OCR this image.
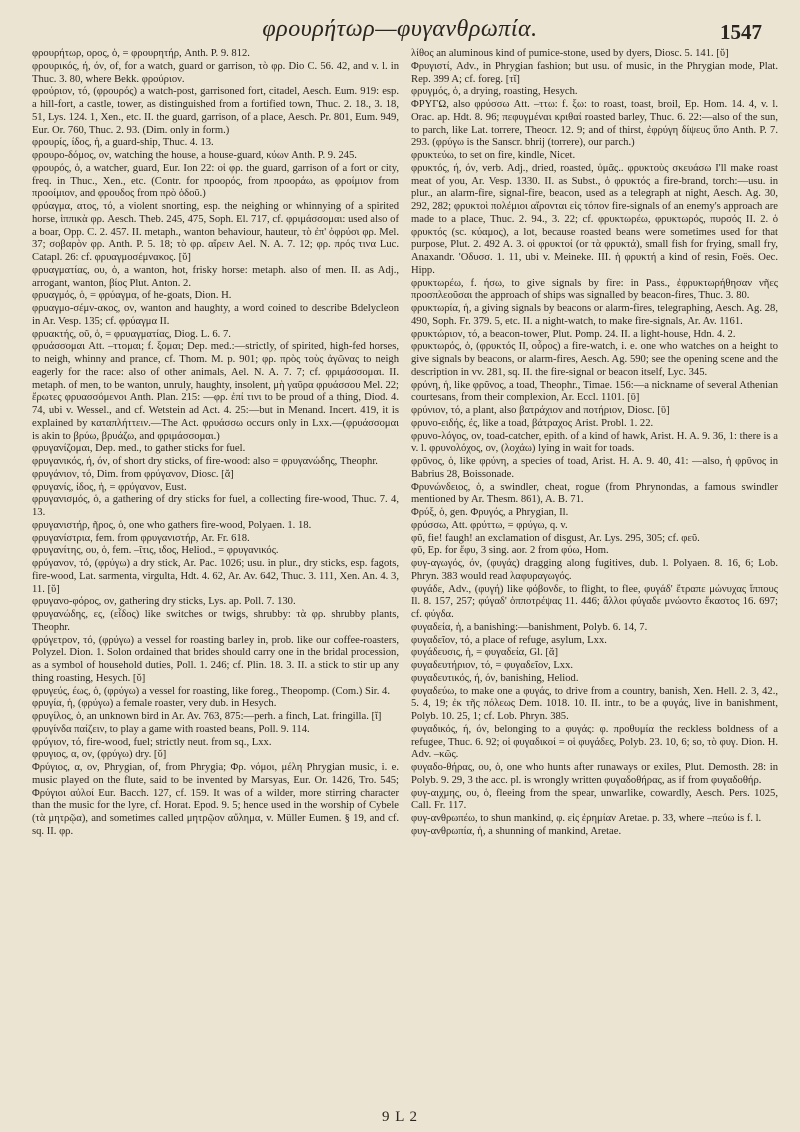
φρουρήτωρ—φυγανθρωπία.	1547

φρουρήτωρ, ορος, ὁ, = φρουρητήρ, Anth. P. 9. 812.

φρουρικός, ή, όν, of, for a watch, guard or garrison, τὸ φρ. Dio C. 56. 42, and v. l. in Thuc. 3. 80, where Bekk. φρούριον.

φρούριον, τό, (φρουρός) a watch-post, garrisoned fort, citadel, Aesch. Eum. 919: esp. a hill-fort, a castle, tower, as distinguished from a fortified town, Thuc. 2. 18., 3. 18, 51, Lys. 124. 1, Xen., etc. II. the guard, garrison, of a place, Aesch. Pr. 801, Eum. 949, Eur. Or. 760, Thuc. 2. 93. (Dim. only in form.)

φρουρίς, ίδος, ἡ, a guard-ship, Thuc. 4. 13.

φρουρο-δόμος, ον, watching the house, a house-guard, κύων Anth. P. 9. 245.

φρουρός, ὁ, a watcher, guard, Eur. Ion 22: οἱ φρ. the guard, garrison of a fort or city, freq. in Thuc., Xen., etc. (Contr. for προορός, from προοράω, as φροίμιον from προοίμιον, and φρουδος from πρὸ ὁδοῦ.)

φρύαγμα, ατος, τό, a violent snorting, esp. the neighing or whinnying of a spirited horse, ἱππικὰ φρ. Aesch. Theb. 245, 475, Soph. El. 717, cf. φριμάσσομαι: used also of a boar, Opp. C. 2. 457. II. metaph., wanton behaviour, hauteur, τὸ ἐπ' ὀφρύσι φρ. Mel. 37; σοβαρὸν φρ. Anth. P. 5. 18; τὸ φρ. αἴρειν Ael. N. A. 7. 12; φρ. πρός τινα Luc. Catapl. 26: cf. φρυαγμοσέμνακος. [ῠ]

φρυαγματίας, ου, ὁ, a wanton, hot, frisky horse: metaph. also of men. II. as Adj., arrogant, wanton, βίος Plut. Anton. 2.

φρυαγμός, ὁ, = φρύαγμα, of he-goats, Dion. H.

φρυαγμο-σέμν-ακος, ον, wanton and haughty, a word coined to describe Bdelycleon in Ar. Vesp. 135; cf. φρύαγμα II.

φρυακτής, οῦ, ὁ, = φρυαγματίας, Diog. L. 6. 7.

φρυάσσομαι Att. –ττομαι; f. ξομαι; Dep. med.:—strictly, of spirited, high-fed horses, to neigh, whinny and prance, cf. Thom. M. p. 901; φρ. πρὸς τοὺς ἀγῶνας to neigh eagerly for the race: also of other animals, Ael. N. A. 7. 7; cf. φριμάσσομαι. II. metaph. of men, to be wanton, unruly, haughty, insolent, μὴ γαῦρα φρυάσσου Mel. 22; ἔρωτες φρυασσόμενοι Anth. Plan. 215: —φρ. ἐπί τινι to be proud of a thing, Diod. 4. 74, ubi v. Wessel., and cf. Wetstein ad Act. 4. 25:—but in Menand. Incert. 419, it is explained by καταπλήττειν.—The Act. φρυάσσω occurs only in Lxx.—(φρυάσσομαι is akin to βρύω, βρυάζω, and φριμάσσομαι.)

φρυγανίζομαι, Dep. med., to gather sticks for fuel.

φρυγανικός, ή, όν, of short dry sticks, of fire-wood: also = φρυγανώδης, Theophr.

φρυγάνιον, τό, Dim. from φρύγανον, Diosc. [ᾰ]

φρυγανίς, ίδος, ἡ, = φρύγανον, Eust.

φρυγανισμός, ὁ, a gathering of dry sticks for fuel, a collecting fire-wood, Thuc. 7. 4, 13.

φρυγανιστήρ, ῆρος, ὁ, one who gathers fire-wood, Polyaen. 1. 18.

φρυγανίστρια, fem. from φρυγανιστήρ, Ar. Fr. 618.

φρυγανίτης, ου, ὁ, fem. –ῖτις, ιδος, Heliod., = φρυγανικός.

φρύγανον, τό, (φρύγω) a dry stick, Ar. Pac. 1026; usu. in plur., dry sticks, esp. fagots, fire-wood, Lat. sarmenta, virgulta, Hdt. 4. 62, Ar. Av. 642, Thuc. 3. 111, Xen. An. 4. 3, 11. [ῠ]

φρυγανο-φόρος, ον, gathering dry sticks, Lys. ap. Poll. 7. 130.

φρυγανώδης, ες, (εἶδος) like switches or twigs, shrubby: τὰ φρ. shrubby plants, Theophr.

φρύγετρον, τό, (φρύγω) a vessel for roasting barley in, prob. like our coffee-roasters, Polyzel. Dion. 1. Solon ordained that brides should carry one in the bridal procession, as a symbol of household duties, Poll. 1. 246; cf. Plin. 18. 3. II. a stick to stir up any thing roasting, Hesych. [ῠ]

φρυγεύς, έως, ὁ, (φρύγω) a vessel for roasting, like foreg., Theopomp. (Com.) Sir. 4.

φρυγία, ἡ, (φρύγω) a female roaster, very dub. in Hesych.

φρυγίλος, ὁ, an unknown bird in Ar. Av. 763, 875:—perh. a finch, Lat. fringilla. [ῐ]

φρυγίνδα παίζειν, to play a game with roasted beans, Poll. 9. 114.

φρύγιον, τό, fire-wood, fuel; strictly neut. from sq., Lxx.

φρυγιος, α, ον, (φρύγω) dry. [ῠ]

Φρύγιος, α, ον, Phrygian, of, from Phrygia; Φρ. νόμοι, μέλη Phrygian music, i. e. music played on the flute, said to be invented by Marsyas, Eur. Or. 1426, Tro. 545; Φρύγιοι αὐλοί Eur. Bacch. 127, cf. 159. It was of a wilder, more stirring character than the music for the lyre, cf. Horat. Epod. 9. 5; hence used in the worship of Cybele (τὰ μητρῷα), and sometimes called μητρῷον αὔλημα, v. Müller Eumen. § 19, and cf. sq. II. φρ.

λίθος an aluminous kind of pumice-stone, used by dyers, Diosc. 5. 141. [ῠ]

Φρυγιστί, Adv., in Phrygian fashion; but usu. of music, in the Phrygian mode, Plat. Rep. 399 A; cf. foreg. [τῐ]

φρυγμός, ὁ, a drying, roasting, Hesych.

ΦΡΥΓΩ, also φρύσσω Att. –ττω: f. ξω: to roast, toast, broil, Ep. Hom. 14. 4, v. l. Orac. ap. Hdt. 8. 96; πεφυγμέναι κριθαί roasted barley, Thuc. 6. 22:—also of the sun, to parch, like Lat. torrere, Theocr. 12. 9; and of thirst, ἐφρύγη δίψευς ὕπο Anth. P. 7. 293. (φρύγω is the Sanscr. bhrij (torrere), our parch.)

φρυκτεύω, to set on fire, kindle, Nicet.

φρυκτός, ή, όν, verb. Adj., dried, roasted, ὑμᾶς.. φρυκτοὺς σκευάσω I'll make roast meat of you, Ar. Vesp. 1330. II. as Subst., ὁ φρυκτός a fire-brand, torch:—usu. in plur., an alarm-fire, signal-fire, beacon, used as a telegraph at night, Aesch. Ag. 30, 292, 282; φρυκτοὶ πολέμιοι αἴρονται εἰς τόπον fire-signals of an enemy's approach are made to a place, Thuc. 2. 94., 3. 22; cf. φρυκτωρέω, φρυκτωρός, πυρσός II. 2. ὁ φρυκτός (sc. κύαμος), a lot, because roasted beans were sometimes used for that purpose, Plut. 2. 492 A. 3. οἱ φρυκτοί (or τὰ φρυκτά), small fish for frying, small fry, Anaxandr. 'Οδυσσ. 1. 11, ubi v. Meineke. III. ἡ φρυκτή a kind of resin, Foës. Oec. Hipp.

φρυκτωρέω, f. ήσω, to give signals by fire: in Pass., ἐφρυκτωρήθησαν νῆες προσπλεοῦσαι the approach of ships was signalled by beacon-fires, Thuc. 3. 80.

φρυκτωρία, ἡ, a giving signals by beacons or alarm-fires, telegraphing, Aesch. Ag. 28, 490, Soph. Fr. 379. 5, etc. II. a night-watch, to make fire-signals, Ar. Av. 1161.

φρυκτώριον, τό, a beacon-tower, Plut. Pomp. 24. II. a light-house, Hdn. 4. 2.

φρυκτωρός, ὁ, (φρυκτός II, οὖρος) a fire-watch, i. e. one who watches on a height to give signals by beacons, or alarm-fires, Aesch. Ag. 590; see the opening scene and the description in vv. 281, sq. II. the fire-signal or beacon itself, Lyc. 345.

φρύνη, ἡ, like φρῦνος, a toad, Theophr., Timae. 156:—a nickname of several Athenian courtesans, from their complexion, Ar. Eccl. 1101. [ῡ]

φρύνιον, τό, a plant, also βατράχιον and ποτήριον, Diosc. [ῡ]

φρυνο-ειδής, ές, like a toad, βάτραχος Arist. Probl. 1. 22.

φρυνο-λόγος, ον, toad-catcher, epith. of a kind of hawk, Arist. H. A. 9. 36, 1: there is a v. l. φρυνολόχος, ον, (λοχάω) lying in wait for toads.

φρῦνος, ὁ, like φρύνη, a species of toad, Arist. H. A. 9. 40, 41: —also, ἡ φρῦνος in Babrius 28, Boissonade.

Φρυνώνδειος, ὁ, a swindler, cheat, rogue (from Phrynondas, a famous swindler mentioned by Ar. Thesm. 861), A. B. 71.

Φρύξ, ὁ, gen. Φρυγός, a Phrygian, Il.

φρύσσω, Att. φρύττω, = φρύγω, q. v.

φῦ, fie! faugh! an exclamation of disgust, Ar. Lys. 295, 305; cf. φεῦ.

φῦ, Ep. for ἔφυ, 3 sing. aor. 2 from φύω, Hom.

φυγ-αγωγός, όν, (φυγάς) dragging along fugitives, dub. l. Polyaen. 8. 16, 6; Lob. Phryn. 383 would read λαφυραγωγός.

φυγάδε, Adv., (φυγή) like φόβονδε, to flight, to flee, φυγάδ' ἔτραπε μώνυχας ἵππους Il. 8. 157, 257; φύγαδ' ὁπποτρέψας 11. 446; ἄλλοι φύγαδε μνώοντο ἕκαστος 16. 697; cf. φύγδα.

φυγαδεία, ἡ, a banishing:—banishment, Polyb. 6. 14, 7.

φυγαδεῖον, τό, a place of refuge, asylum, Lxx.

φυγάδευσις, ἡ, = φυγαδεία, Gl. [ᾰ]

φυγαδευτήριον, τό, = φυγαδεῖον, Lxx.

φυγαδευτικός, ή, όν, banishing, Heliod.

φυγαδεύω, to make one a φυγάς, to drive from a country, banish, Xen. Hell. 2. 3, 42., 5. 4, 19; ἐκ τῆς πόλεως Dem. 1018. 10. II. intr., to be a φυγάς, live in banishment, Polyb. 10. 25, 1; cf. Lob. Phryn. 385.

φυγαδικός, ή, όν, belonging to a φυγάς: φ. προθυμία the reckless boldness of a refugee, Thuc. 6. 92; οἱ φυγαδικοί = οἱ φυγάδες, Polyb. 23. 10, 6; so, τὸ φυγ. Dion. H. Adv. –κῶς.

φυγαδο-θήρας, ου, ὁ, one who hunts after runaways or exiles, Plut. Demosth. 28: in Polyb. 9. 29, 3 the acc. pl. is wrongly written φυγαδοθήρας, as if from φυγαδοθήρ.

φυγ-αιχμης, ου, ὁ, fleeing from the spear, unwarlike, cowardly, Aesch. Pers. 1025, Call. Fr. 117.

φυγ-ανθρωπέω, to shun mankind, φ. εἰς ἐρημίαν Aretae. p. 33, where –πεύω is f. l.

φυγ-ανθρωπία, ἡ, a shunning of mankind, Aretae.

9 L 2
